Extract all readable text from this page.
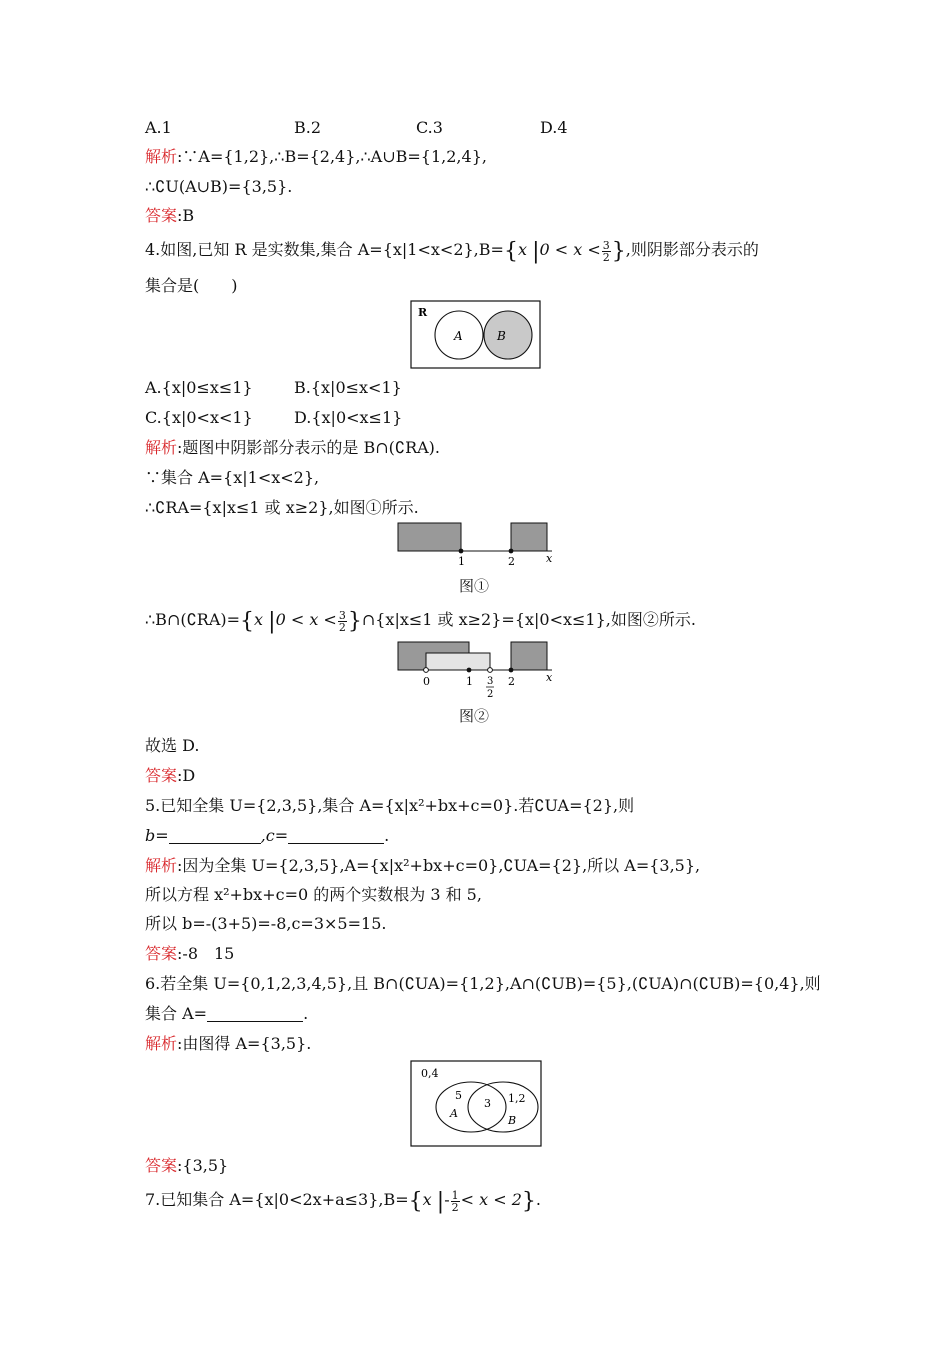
A.1	B.2	C.3	D.4
解析:∵A={1,2},∴B={2,4},∴A∪B={1,2,4},
∴∁U(A∪B)={3,5}.
答案:B
4.如图,已知 R 是实数集,集合 A={x|1<x<2},B={x $|0 < x < \frac{3}{2}$ },则阴影部分表示的
集合是(　　)
R
A	B
A.{x|0≤x≤1}	B.{x|0≤x<1}
C.{x|0<x<1}	D.{x|0<x≤1}
解析:题图中阴影部分表示的是 B∩(∁RA).
∵集合 A={x|1<x<2},
∴∁RA={x|x≤1 或 x≥2},如图①所示.
1	2	x
图①
∴B∩(∁RA)={x $|0 < x < \frac{3}{2}$ }∩{x|x≤1 或 x≥2}={x|0<x≤1},如图②所示.
0	1 3
2
2	x
图②
故选 D.
答案:D
5.已知全集 U={2,3,5},集合 A={x|x²+bx+c=0}.若∁UA={2},则
b=	,c=	.
解析:因为全集 U={2,3,5},A={x|x²+bx+c=0},∁UA={2},所以 A={3,5},
所以方程 x²+bx+c=0 的两个实数根为 3 和 5,
所以 b=-(3+5)=-8,c=3×5=15.
答案:-8　15
6.若全集 U={0,1,2,3,4,5},且 B∩(∁UA)={1,2},A∩(∁UB)={5},(∁UA)∩(∁UB)={0,4},则
集合 A=	.
解析:由图得 A={3,5}.
0,4
5
3 1,2
A
B
答案:{3,5}
7.已知集合 A={x|0<2x+a≤3},B={x |- $\frac{1}{2} < x < 2$}.
